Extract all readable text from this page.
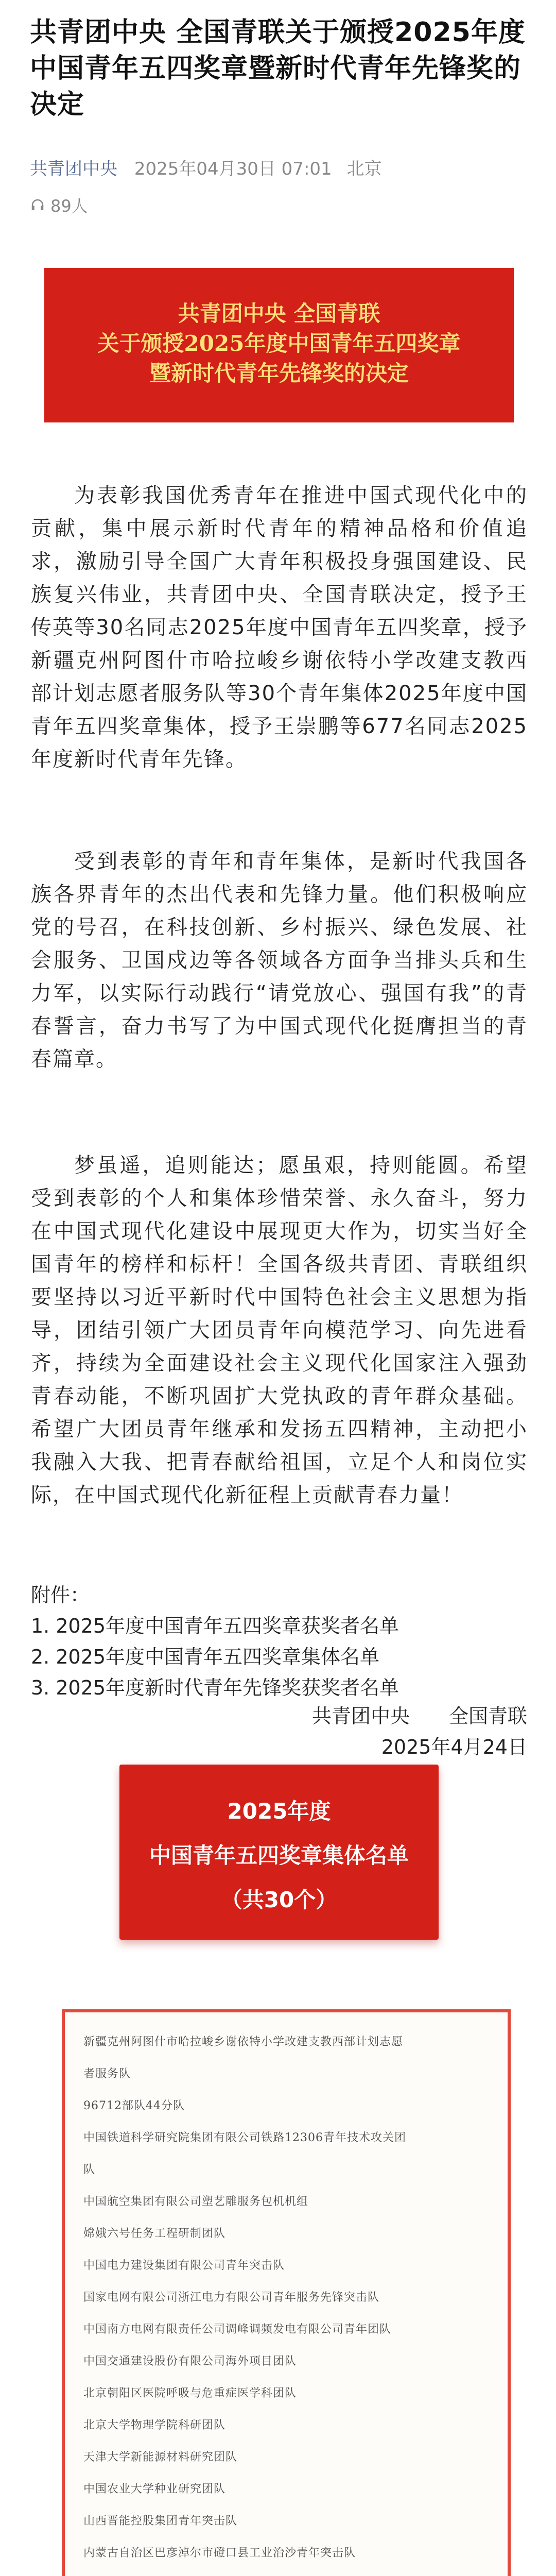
共青团中央 全国青联关于颁授2025年度中国青年五四奖章暨新时代青年先锋奖的决定
共青团中央 2025年04月30日 07:01 北京
89人
共青团中央 全国青联
关于颁授2025年度中国青年五四奖章
暨新时代青年先锋奖的决定
为表彰我国优秀青年在推进中国式现代化中的贡献，集中展示新时代青年的精神品格和价值追求，激励引导全国广大青年积极投身强国建设、民族复兴伟业，共青团中央、全国青联决定，授予王传英等30名同志2025年度中国青年五四奖章，授予新疆克州阿图什市哈拉峻乡谢依特小学改建支教西部计划志愿者服务队等30个青年集体2025年度中国青年五四奖章集体，授予王崇鹏等677名同志2025年度新时代青年先锋。
受到表彰的青年和青年集体，是新时代我国各族各界青年的杰出代表和先锋力量。他们积极响应党的号召，在科技创新、乡村振兴、绿色发展、社会服务、卫国戍边等各领域各方面争当排头兵和生力军，以实际行动践行“请党放心、强国有我”的青春誓言，奋力书写了为中国式现代化挺膺担当的青春篇章。
梦虽遥，追则能达；愿虽艰，持则能圆。希望受到表彰的个人和集体珍惜荣誉、永久奋斗，努力在中国式现代化建设中展现更大作为，切实当好全国青年的榜样和标杆！全国各级共青团、青联组织要坚持以习近平新时代中国特色社会主义思想为指导，团结引领广大团员青年向模范学习、向先进看齐，持续为全面建设社会主义现代化国家注入强劲青春动能，不断巩固扩大党执政的青年群众基础。希望广大团员青年继承和发扬五四精神，主动把小我融入大我、把青春献给祖国，立足个人和岗位实际，在中国式现代化新征程上贡献青春力量！
附件：
1. 2025年度中国青年五四奖章获奖者名单
2. 2025年度中国青年五四奖章集体名单
3. 2025年度新时代青年先锋奖获奖者名单
共青团中央　　全国青联
2025年4月24日
2025年度
中国青年五四奖章集体名单
（共30个）
新疆克州阿图什市哈拉峻乡谢依特小学改建支教西部计划志愿
者服务队
96712部队44分队
中国铁道科学研究院集团有限公司铁路12306青年技术攻关团
队
中国航空集团有限公司塑艺雕服务包机机组
嫦娥六号任务工程研制团队
中国电力建设集团有限公司青年突击队
国家电网有限公司浙江电力有限公司青年服务先锋突击队
中国南方电网有限责任公司调峰调频发电有限公司青年团队
中国交通建设股份有限公司海外项目团队
北京朝阳区医院呼吸与危重症医学科团队
北京大学物理学院科研团队
天津大学新能源材料研究团队
中国农业大学种业研究团队
山西晋能控股集团青年突击队
内蒙古自治区巴彦淖尔市磴口县工业治沙青年突击队
